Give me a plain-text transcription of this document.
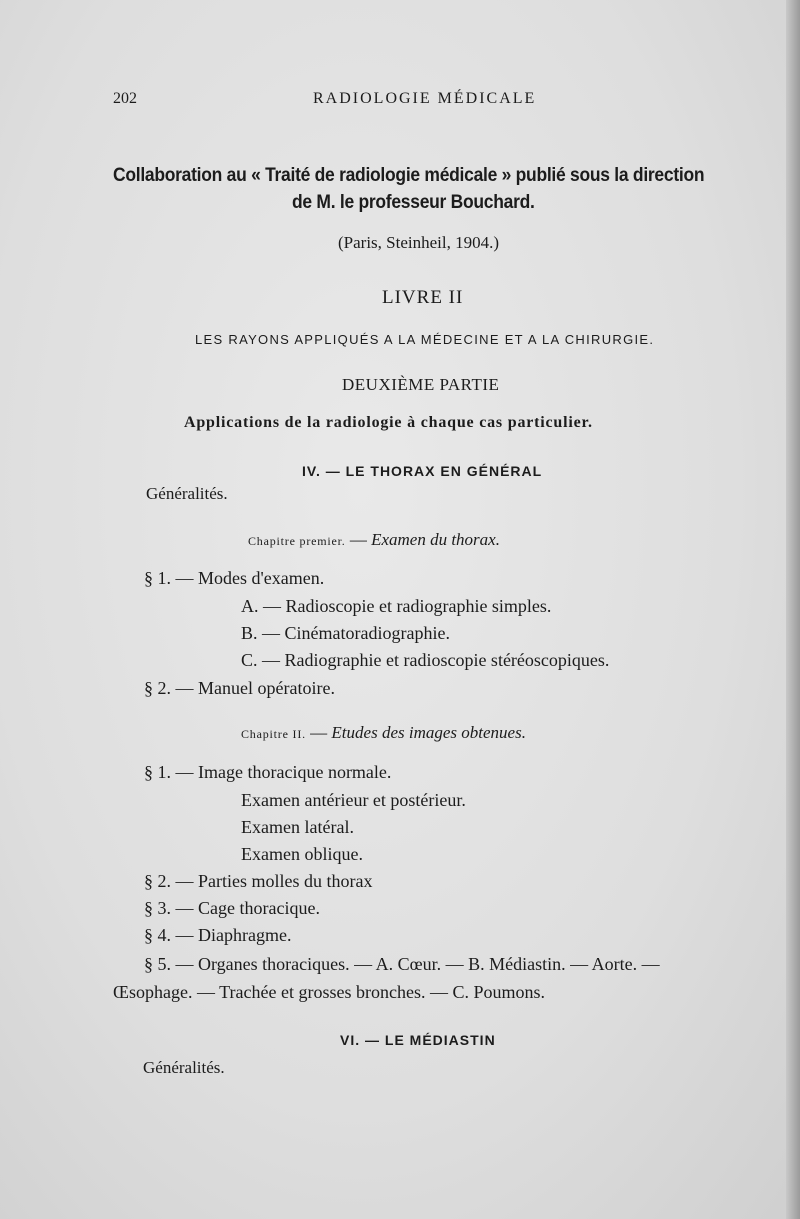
202	RADIOLOGIE MÉDICALE
Collaboration au « Traité de radiologie médicale » publié sous la direction
de M. le professeur Bouchard.
(Paris, Steinheil, 1904.)
LIVRE II
LES RAYONS APPLIQUÉS A LA MÉDECINE ET A LA CHIRURGIE.
DEUXIÈME PARTIE
Applications de la radiologie à chaque cas particulier.
IV. — LE THORAX EN GÉNÉRAL
Généralités.
Chapitre premier. — Examen du thorax.
§ 1. — Modes d'examen.
A. — Radioscopie et radiographie simples.
B. — Cinématoradiographie.
C. — Radiographie et radioscopie stéréoscopiques.
§ 2. — Manuel opératoire.
Chapitre II. — Etudes des images obtenues.
§ 1. — Image thoracique normale.
Examen antérieur et postérieur.
Examen latéral.
Examen oblique.
§ 2. — Parties molles du thorax
§ 3. — Cage thoracique.
§ 4. — Diaphragme.
§ 5. — Organes thoraciques. — A. Cœur. — B. Médiastin. — Aorte. —
Œsophage. — Trachée et grosses bronches. — C. Poumons.
VI. — LE MÉDIASTIN
Généralités.
